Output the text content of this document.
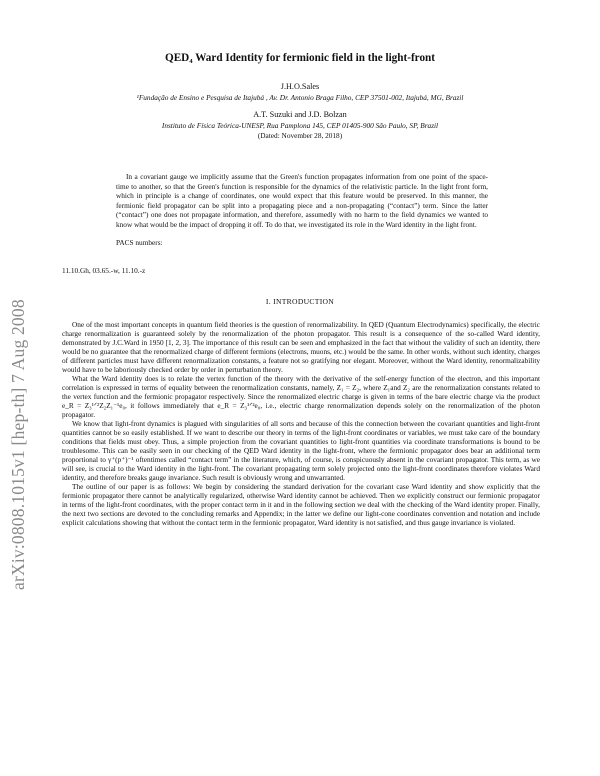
arXiv:0808.1015v1 [hep-th] 7 Aug 2008
QED₄ Ward Identity for fermionic field in the light-front
J.H.O.Sales
¹Fundação de Ensino e Pesquisa de Itajubá , Av. Dr. Antonio Braga Filho, CEP 37501-002, Itajubá, MG, Brazil
A.T. Suzuki and J.D. Bolzan
Instituto de Física Teórica-UNESP, Rua Pamplona 145, CEP 01405-900 São Paulo, SP, Brazil
(Dated: November 28, 2018)
In a covariant gauge we implicitly assume that the Green's function propagates information from one point of the space-time to another, so that the Green's function is responsible for the dynamics of the relativistic particle. In the light front form, which in principle is a change of coordinates, one would expect that this feature would be preserved. In this manner, the fermionic field propagator can be split into a propagating piece and a non-propagating (“contact”) term. Since the latter (“contact”) one does not propagate information, and therefore, assumedly with no harm to the field dynamics we wanted to know what would be the impact of dropping it off. To do that, we investigated its role in the Ward identity in the light front.
PACS numbers:
11.10.Gh, 03.65.-w, 11.10.-z
I. INTRODUCTION

One of the most important concepts in quantum field theories is the question of renormalizability. In QED (Quantum Electrodynamics) specifically, the electric charge renormalization is guaranteed solely by the renormalization of the photon propagator. This result is a consequence of the so-called Ward identity, demonstrated by J.C.Ward in 1950 [1, 2, 3]. The importance of this result can be seen and emphasized in the fact that without the validity of such an identity, there would be no guarantee that the renormalized charge of different fermions (electrons, muons, etc.) would be the same. In other words, without such identity, charges of different particles must have different renormalization constants, a feature not so gratifying nor elegant. Moreover, without the Ward identity, renormalizability would have to be laboriously checked order by order in perturbation theory.

What the Ward identity does is to relate the vertex function of the theory with the derivative of the self-energy function of the electron, and this important correlation is expressed in terms of equality between the renormalization constants, namely, Z₁ = Z₂, where Z₁and Z₂ are the renormalization constants related to the vertex function and the fermionic propagator respectively. Since the renormalized electric charge is given in terms of the bare electric charge via the product e_R = Z₃¹ᐟ²Z₂Z₁⁻¹e₀, it follows immediately that e_R = Z₃¹ᐟ²e₀, i.e., electric charge renormalization depends solely on the renormalization of the photon propagator.

We know that light-front dynamics is plagued with singularities of all sorts and because of this the connection between the covariant quantities and light-front quantities cannot be so easily established. If we want to describe our theory in terms of the light-front coordinates or variables, we must take care of the boundary conditions that fields must obey. Thus, a simple projection from the covariant quantities to light-front quantities via coordinate transformations is bound to be troublesome. This can be easily seen in our checking of the QED Ward identity in the light-front, where the fermionic propagator does bear an additional term proportional to γ⁺(p⁺)⁻¹ oftentimes called “contact term” in the literature, which, of course, is conspicuously absent in the covariant propagator. This term, as we will see, is crucial to the Ward identity in the light-front. The covariant propagating term solely projected onto the light-front coordinates therefore violates Ward identity, and therefore breaks gauge invariance. Such result is obviously wrong and unwarranted.

The outline of our paper is as follows: We begin by considering the standard derivation for the covariant case Ward identity and show explicitly that the fermionic propagator there cannot be analytically regularized, otherwise Ward identity cannot be achieved. Then we explicitly construct our fermionic propagator in terms of the light-front coordinates, with the proper contact term in it and in the following section we deal with the checking of the Ward identity proper. Finally, the next two sections are devoted to the concluding remarks and Appendix; in the latter we define our light-cone coordinates convention and notation and include explicit calculations showing that without the contact term in the fermionic propagator, Ward identity is not satisfied, and thus gauge invariance is violated.
